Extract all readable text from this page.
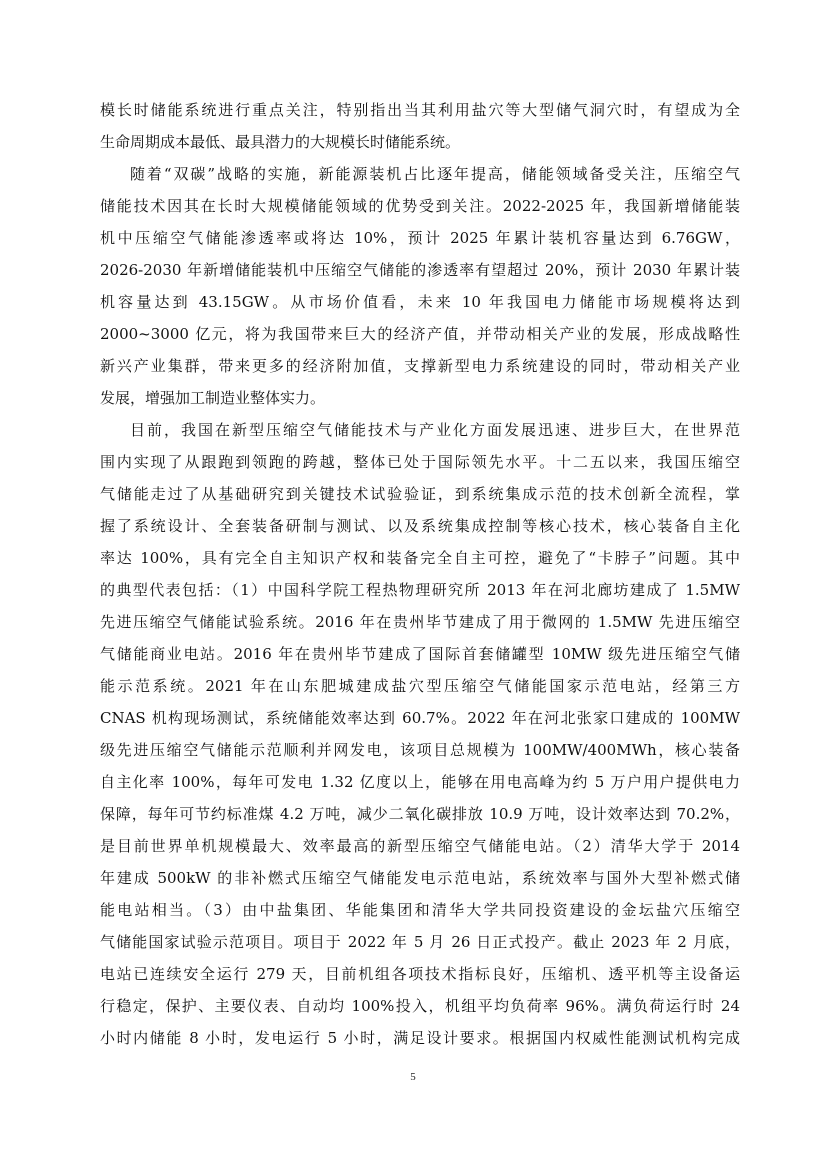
模长时储能系统进行重点关注，特别指出当其利用盐穴等大型储气洞穴时，有望成为全
生命周期成本最低、最具潜力的大规模长时储能系统。
随着“双碳”战略的实施，新能源装机占比逐年提高，储能领域备受关注，压缩空气
储能技术因其在长时大规模储能领域的优势受到关注。2022-2025 年，我国新增储能装
机中压缩空气储能渗透率或将达 10%，预计 2025 年累计装机容量达到 6.76GW，
2026-2030 年新增储能装机中压缩空气储能的渗透率有望超过 20%，预计 2030 年累计装
机容量达到 43.15GW。从市场价值看，未来 10 年我国电力储能市场规模将达到
2000~3000 亿元，将为我国带来巨大的经济产值，并带动相关产业的发展，形成战略性
新兴产业集群，带来更多的经济附加值，支撑新型电力系统建设的同时，带动相关产业
发展，增强加工制造业整体实力。
目前，我国在新型压缩空气储能技术与产业化方面发展迅速、进步巨大，在世界范
围内实现了从跟跑到领跑的跨越，整体已处于国际领先水平。十二五以来，我国压缩空
气储能走过了从基础研究到关键技术试验验证，到系统集成示范的技术创新全流程，掌
握了系统设计、全套装备研制与测试、以及系统集成控制等核心技术，核心装备自主化
率达 100%，具有完全自主知识产权和装备完全自主可控，避免了“卡脖子”问题。其中
的典型代表包括：（1）中国科学院工程热物理研究所 2013 年在河北廊坊建成了 1.5MW
先进压缩空气储能试验系统。2016 年在贵州毕节建成了用于微网的 1.5MW 先进压缩空
气储能商业电站。2016 年在贵州毕节建成了国际首套储罐型 10MW 级先进压缩空气储
能示范系统。2021 年在山东肥城建成盐穴型压缩空气储能国家示范电站，经第三方
CNAS 机构现场测试，系统储能效率达到 60.7%。2022 年在河北张家口建成的 100MW
级先进压缩空气储能示范顺利并网发电，该项目总规模为 100MW/400MWh，核心装备
自主化率 100%，每年可发电 1.32 亿度以上，能够在用电高峰为约 5 万户用户提供电力
保障，每年可节约标准煤 4.2 万吨，减少二氧化碳排放 10.9 万吨，设计效率达到 70.2%，
是目前世界单机规模最大、效率最高的新型压缩空气储能电站。（2）清华大学于 2014
年建成 500kW 的非补燃式压缩空气储能发电示范电站，系统效率与国外大型补燃式储
能电站相当。（3）由中盐集团、华能集团和清华大学共同投资建设的金坛盐穴压缩空
气储能国家试验示范项目。项目于 2022 年 5 月 26 日正式投产。截止 2023 年 2 月底，
电站已连续安全运行 279 天，目前机组各项技术指标良好，压缩机、透平机等主设备运
行稳定，保护、主要仪表、自动均 100%投入，机组平均负荷率 96%。满负荷运行时 24
小时内储能 8 小时，发电运行 5 小时，满足设计要求。根据国内权威性能测试机构完成
5
